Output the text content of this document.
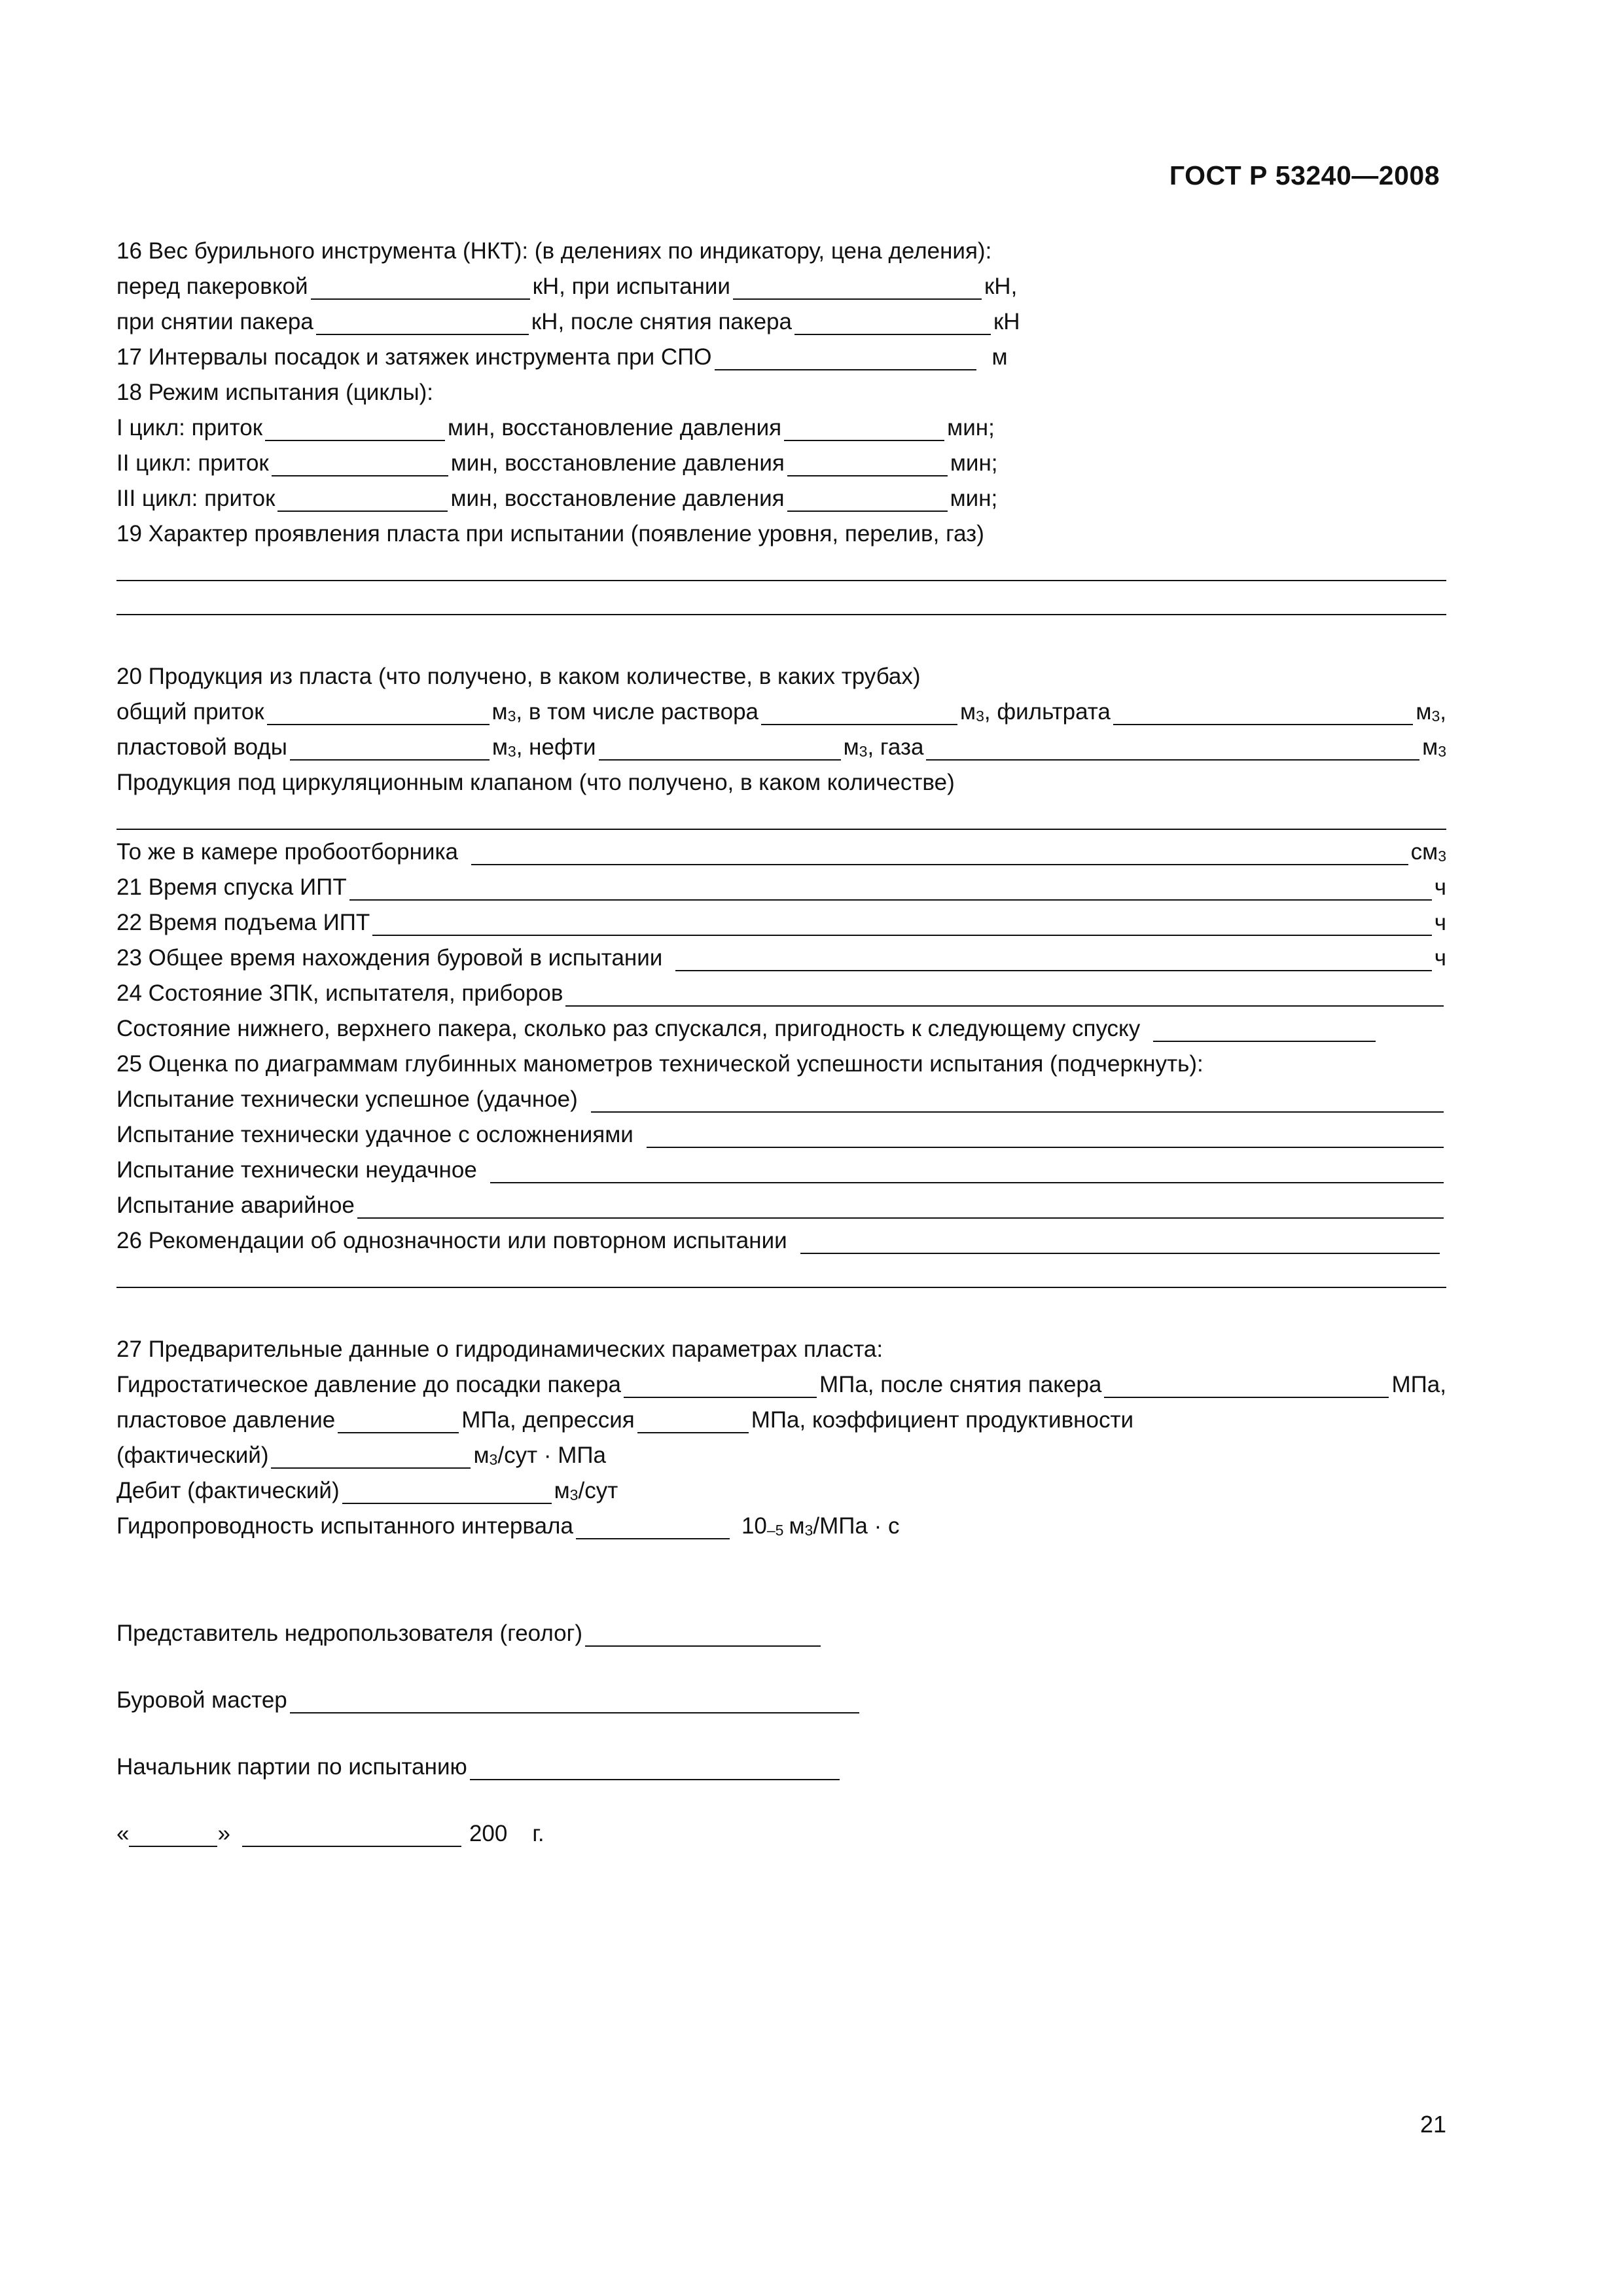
ГОСТ Р 53240—2008
16 Вес бурильного инструмента (НКТ): (в делениях по индикатору, цена деления):
перед пакеровкой	кН, при испытании	кН,
при снятии пакера	кН, после снятия пакера	кН
17 Интервалы посадок и затяжек инструмента при СПО	м
18 Режим испытания (циклы):
I цикл: приток	мин, восстановление давления	мин;
II цикл: приток	мин, восстановление давления	мин;
III цикл: приток	мин, восстановление давления	мин;
19 Характер проявления пласта при испытании (появление уровня, перелив, газ)
20 Продукция из пласта (что получено, в каком количестве, в каких трубах)
общий приток	м 3 , в том числе раствора	м 3 , фильтрата	м 3 ,
пластовой воды	м 3 , нефти	м 3 , газа	м 3
Продукция под циркуляционным клапаном (что получено, в каком количестве)
То же в камере пробоотборника	см 3
21 Время спуска ИПТ	ч
22 Время подъема ИПТ	ч
23 Общее время нахождения буровой в испытании	ч
24 Состояние ЗПК, испытателя, приборов
Состояние нижнего, верхнего пакера, сколько раз спускался, пригодность к следующему спуску
25 Оценка по диаграммам глубинных манометров технической успешности испытания (подчеркнуть):
Испытание технически успешное (удачное)
Испытание технически удачное с осложнениями
Испытание технически неудачное
Испытание аварийное
26 Рекомендации об однозначности или повторном испытании
27 Предварительные данные о гидродинамических параметрах пласта:
Гидростатическое давление до посадки пакера	МПа, после снятия пакера	МПа,
пластовое давление	МПа, депрессия	МПа, коэффициент продуктивности
(фактический)	м 3 /сут · МПа
Дебит (фактический)	м 3 /сут
Гидропроводность испытанного интервала	10 –5 м 3 /МПа · с
Представитель недропользователя (геолог)
Буровой мастер
Начальник партии по испытанию
«	»	200 г.
21
